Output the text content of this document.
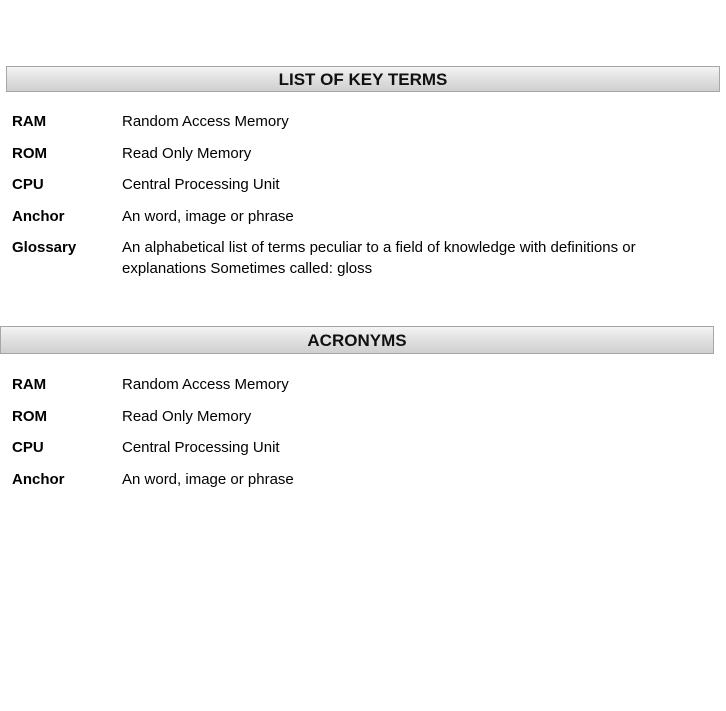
LIST OF KEY TERMS
RAM	Random Access Memory
ROM	Read Only Memory
CPU	Central Processing Unit
Anchor	An word, image or phrase
Glossary	An alphabetical list of terms peculiar to a field of knowledge with definitions or explanations Sometimes called: gloss
ACRONYMS
RAM	Random Access Memory
ROM	Read Only Memory
CPU	Central Processing Unit
Anchor	An word, image or phrase
